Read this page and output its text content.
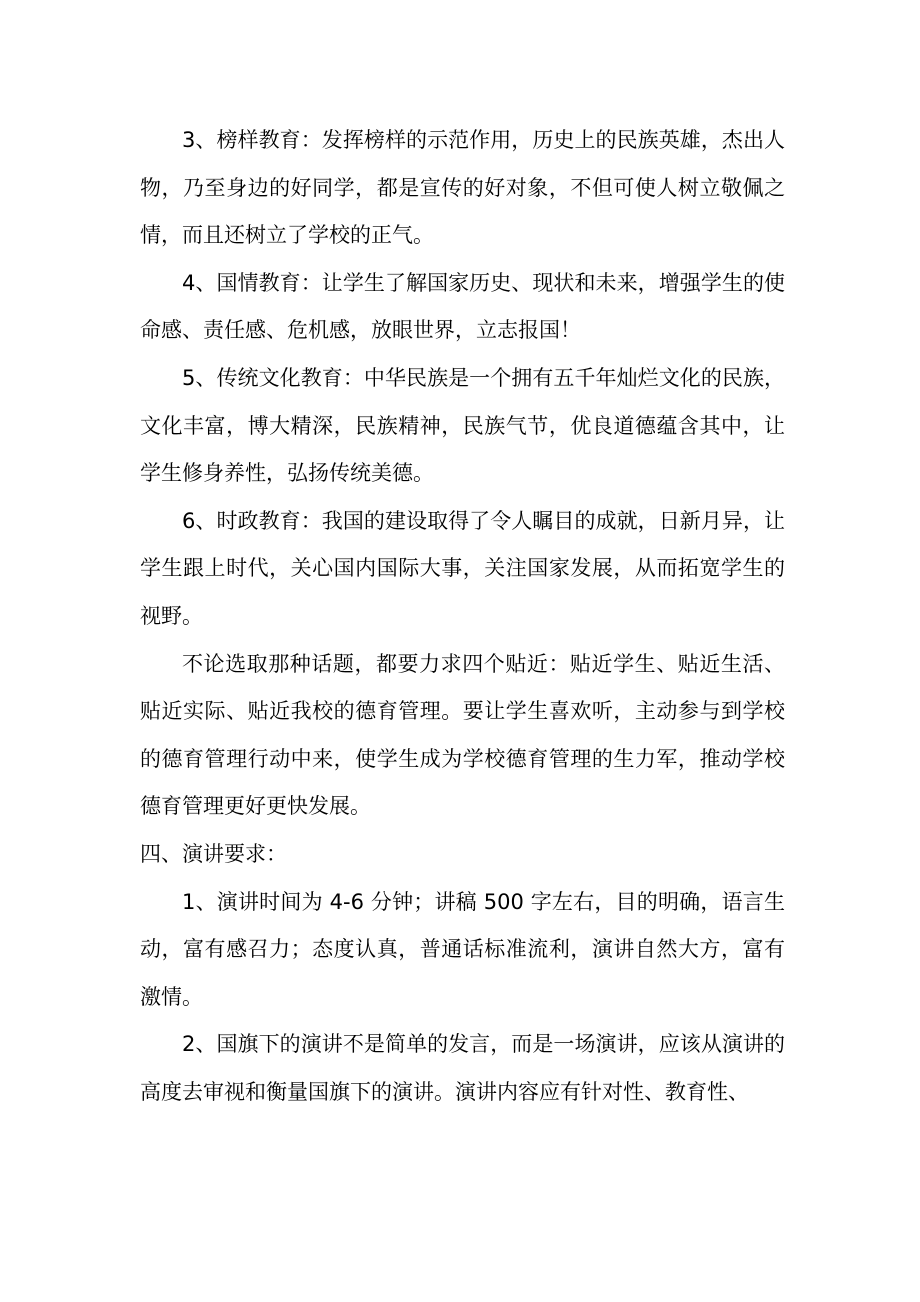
3、榜样教育：发挥榜样的示范作用，历史上的民族英雄，杰出人物，乃至身边的好同学，都是宣传的好对象，不但可使人树立敬佩之情，而且还树立了学校的正气。

4、国情教育：让学生了解国家历史、现状和未来，增强学生的使命感、责任感、危机感，放眼世界，立志报国！

5、传统文化教育：中华民族是一个拥有五千年灿烂文化的民族，文化丰富，博大精深，民族精神，民族气节，优良道德蕴含其中，让学生修身养性，弘扬传统美德。

6、时政教育：我国的建设取得了令人瞩目的成就，日新月异，让学生跟上时代，关心国内国际大事，关注国家发展，从而拓宽学生的视野。

不论选取那种话题，都要力求四个贴近：贴近学生、贴近生活、贴近实际、贴近我校的德育管理。要让学生喜欢听，主动参与到学校的德育管理行动中来，使学生成为学校德育管理的生力军，推动学校德育管理更好更快发展。

四、演讲要求：

1、演讲时间为 4-6 分钟；讲稿 500 字左右，目的明确，语言生动，富有感召力；态度认真，普通话标准流利，演讲自然大方，富有激情。

2、国旗下的演讲不是简单的发言，而是一场演讲，应该从演讲的高度去审视和衡量国旗下的演讲。演讲内容应有针对性、教育性、
